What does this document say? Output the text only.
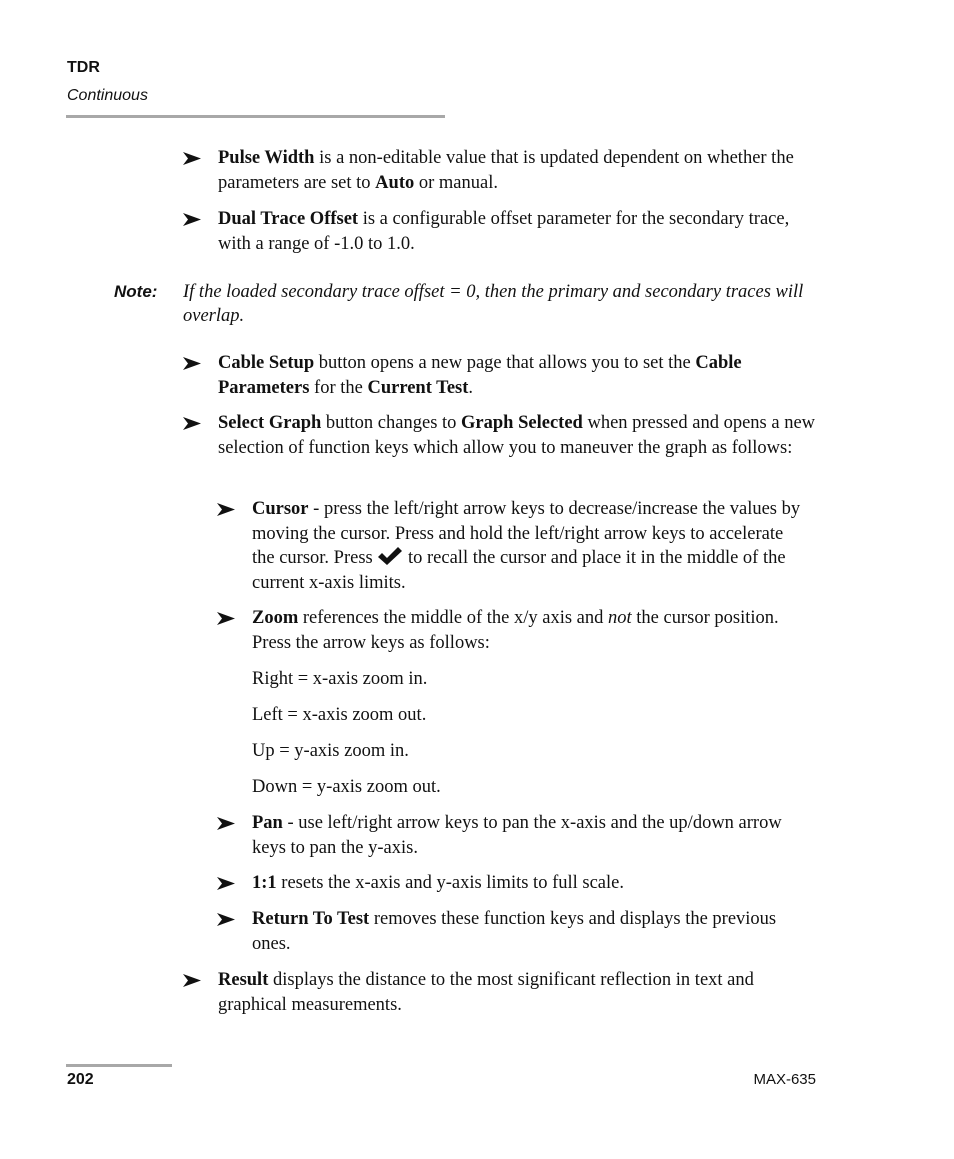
TDR
Continuous
Pulse Width is a non-editable value that is updated dependent on whether the parameters are set to Auto or manual.
Dual Trace Offset is a configurable offset parameter for the secondary trace, with a range of -1.0 to 1.0.
Note: If the loaded secondary trace offset = 0, then the primary and secondary traces will overlap.
Cable Setup button opens a new page that allows you to set the Cable Parameters for the Current Test.
Select Graph button changes to Graph Selected when pressed and opens a new selection of function keys which allow you to maneuver the graph as follows:
Cursor - press the left/right arrow keys to decrease/increase the values by moving the cursor. Press and hold the left/right arrow keys to accelerate the cursor. Press  to recall the cursor and place it in the middle of the current x-axis limits.
Zoom references the middle of the x/y axis and not the cursor position. Press the arrow keys as follows:
Right = x-axis zoom in.
Left = x-axis zoom out.
Up = y-axis zoom in.
Down = y-axis zoom out.
Pan - use left/right arrow keys to pan the x-axis and the up/down arrow keys to pan the y-axis.
1:1 resets the x-axis and y-axis limits to full scale.
Return To Test removes these function keys and displays the previous ones.
Result displays the distance to the most significant reflection in text and graphical measurements.
202	MAX-635
